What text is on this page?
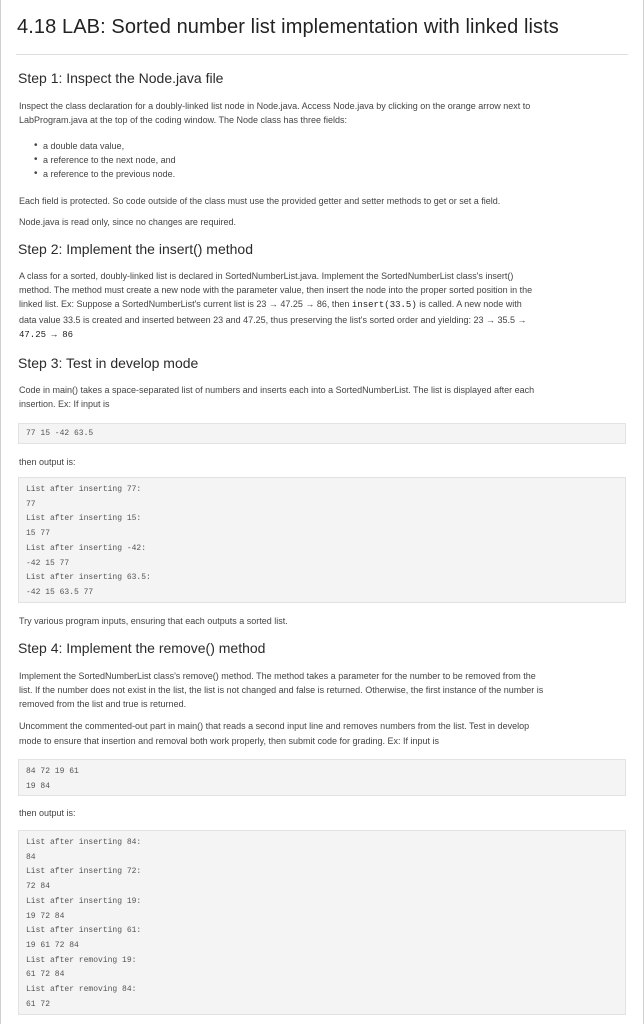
4.18 LAB: Sorted number list implementation with linked lists
Step 1: Inspect the Node.java file

Inspect the class declaration for a doubly-linked list node in Node.java. Access Node.java by clicking on the orange arrow next to

LabProgram.java at the top of the coding window. The Node class has three fields:

• a double data value,
• a reference to the next node, and
• a reference to the previous node.

Each field is protected. So code outside of the class must use the provided getter and setter methods to get or set a field.

Node.java is read only, since no changes are required.

Step 2: Implement the insert() method

A class for a sorted, doubly-linked list is declared in SortedNumberList.java. Implement the SortedNumberList class's insert()

method. The method must create a new node with the parameter value, then insert the node into the proper sorted position in the

linked list. Ex: Suppose a SortedNumberList's current list is 23 → 47.25 → 86, then insert(33.5) is called. A new node with

data value 33.5 is created and inserted between 23 and 47.25, thus preserving the list's sorted order and yielding: 23 → 35.5 →

47.25 → 86

Step 3: Test in develop mode

Code in main() takes a space-separated list of numbers and inserts each into a SortedNumberList. The list is displayed after each

insertion. Ex: If input is

77 15 -42 63.5

then output is:

List after inserting 77:
77
List after inserting 15:
15 77
List after inserting -42:
-42 15 77
List after inserting 63.5:
-42 15 63.5 77

Try various program inputs, ensuring that each outputs a sorted list.

Step 4: Implement the remove() method

Implement the SortedNumberList class's remove() method. The method takes a parameter for the number to be removed from the

list. If the number does not exist in the list, the list is not changed and false is returned. Otherwise, the first instance of the number is

removed from the list and true is returned.

Uncomment the commented-out part in main() that reads a second input line and removes numbers from the list. Test in develop

mode to ensure that insertion and removal both work properly, then submit code for grading. Ex: If input is

84 72 19 61
19 84

then output is:

List after inserting 84:
84
List after inserting 72:
72 84
List after inserting 19:
19 72 84
List after inserting 61:
19 61 72 84
List after removing 19:
61 72 84
List after removing 84:
61 72
